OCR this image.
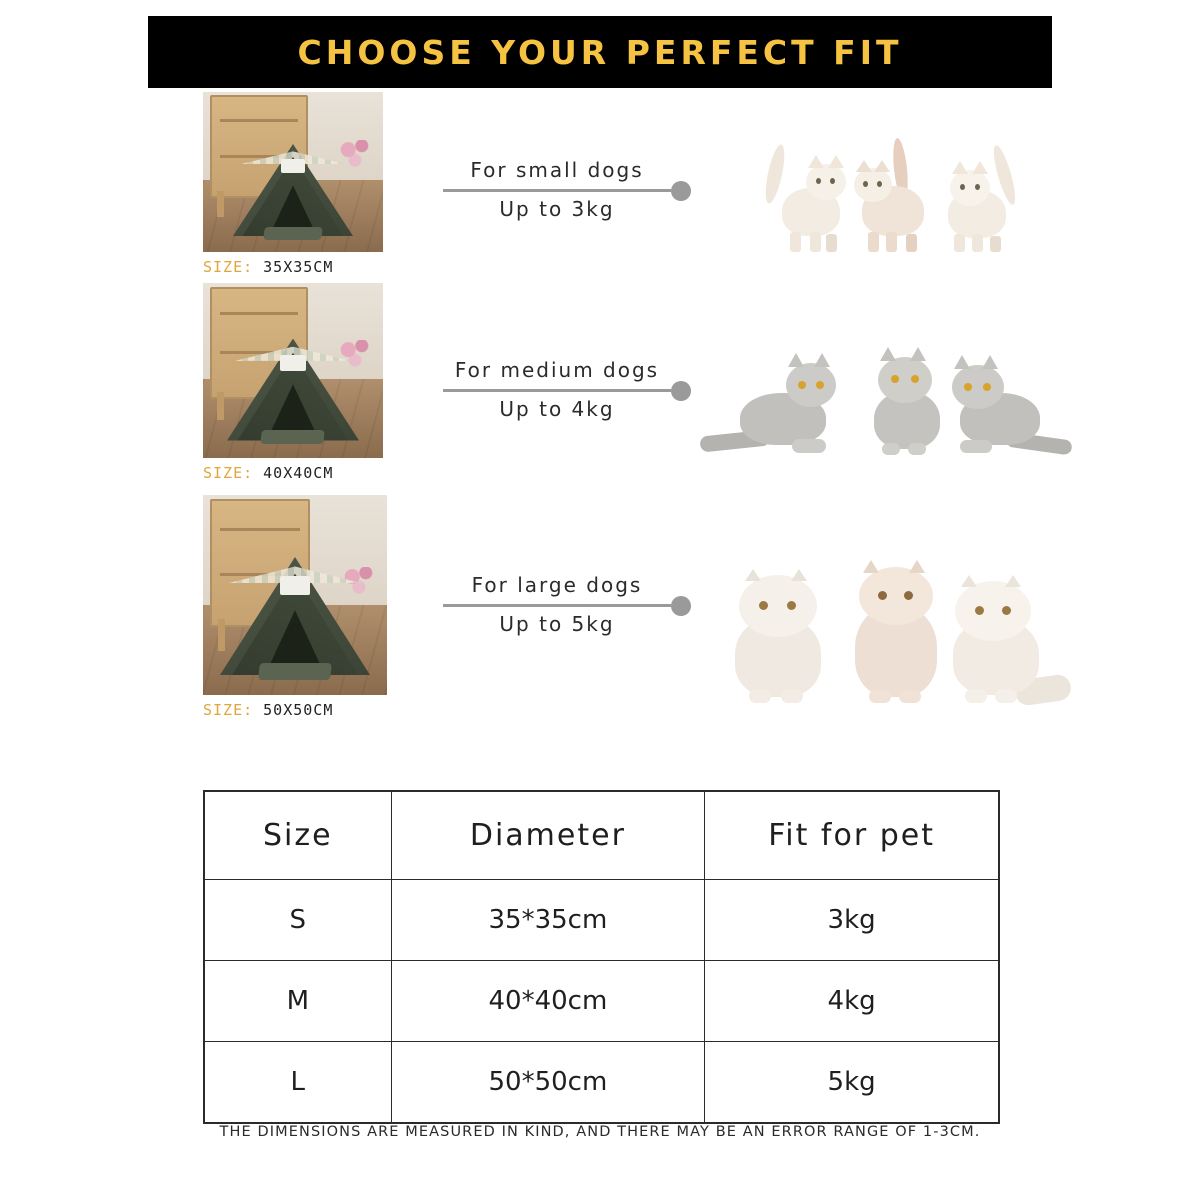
CHOOSE YOUR PERFECT FIT
SIZE: 35X35CM
For small dogs
Up to 3kg
SIZE: 40X40CM
For medium dogs
Up to 4kg
SIZE: 50X50CM
For large dogs
Up to 5kg
Size	Diameter	Fit for pet
S	35*35cm	3kg
M	40*40cm	4kg
L	50*50cm	5kg
THE DIMENSIONS ARE MEASURED IN KIND, AND THERE MAY BE AN ERROR RANGE OF 1-3CM.
